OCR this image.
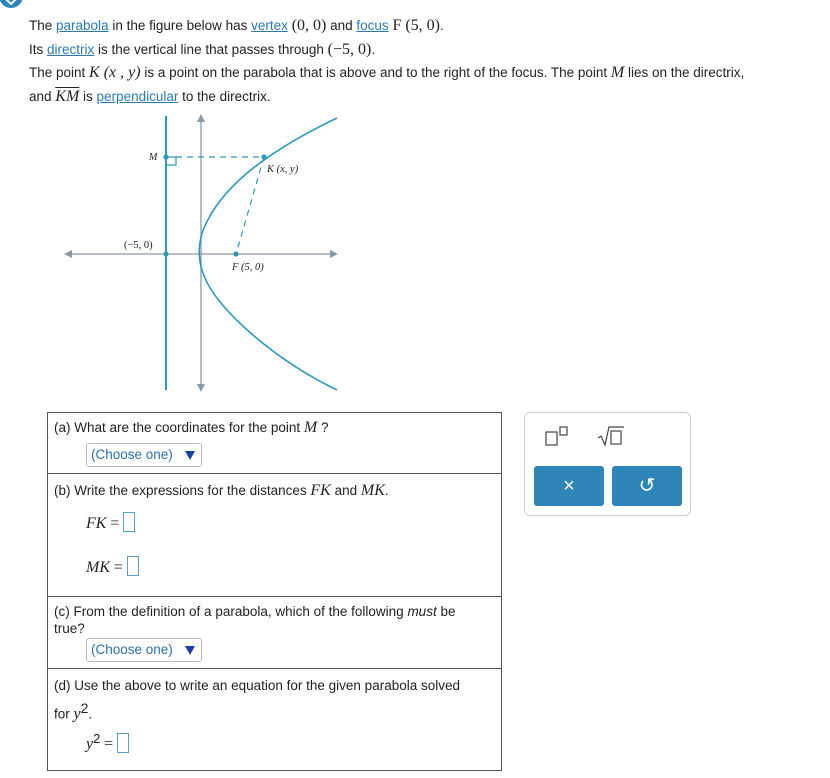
The parabola in the figure below has vertex (0, 0) and focus F (5, 0).

Its directrix is the vertical line that passes through (−5, 0).

The point K (x , y) is a point on the parabola that is above and to the right of the focus. The point M lies on the directrix,

and $\overline{KM}$ is perpendicular to the directrix.

M
K (x, y)
(−5, 0)
F (5, 0)
(a) What are the coordinates for the point M ?
(Choose one)
(b) Write the expressions for the distances FK and MK.
FK =
MK =
(c) From the definition of a parabola, which of the following must be
true?
(Choose one)
(d) Use the above to write an equation for the given parabola solved
for $y^2$.
$y^2$ =
×	↺
